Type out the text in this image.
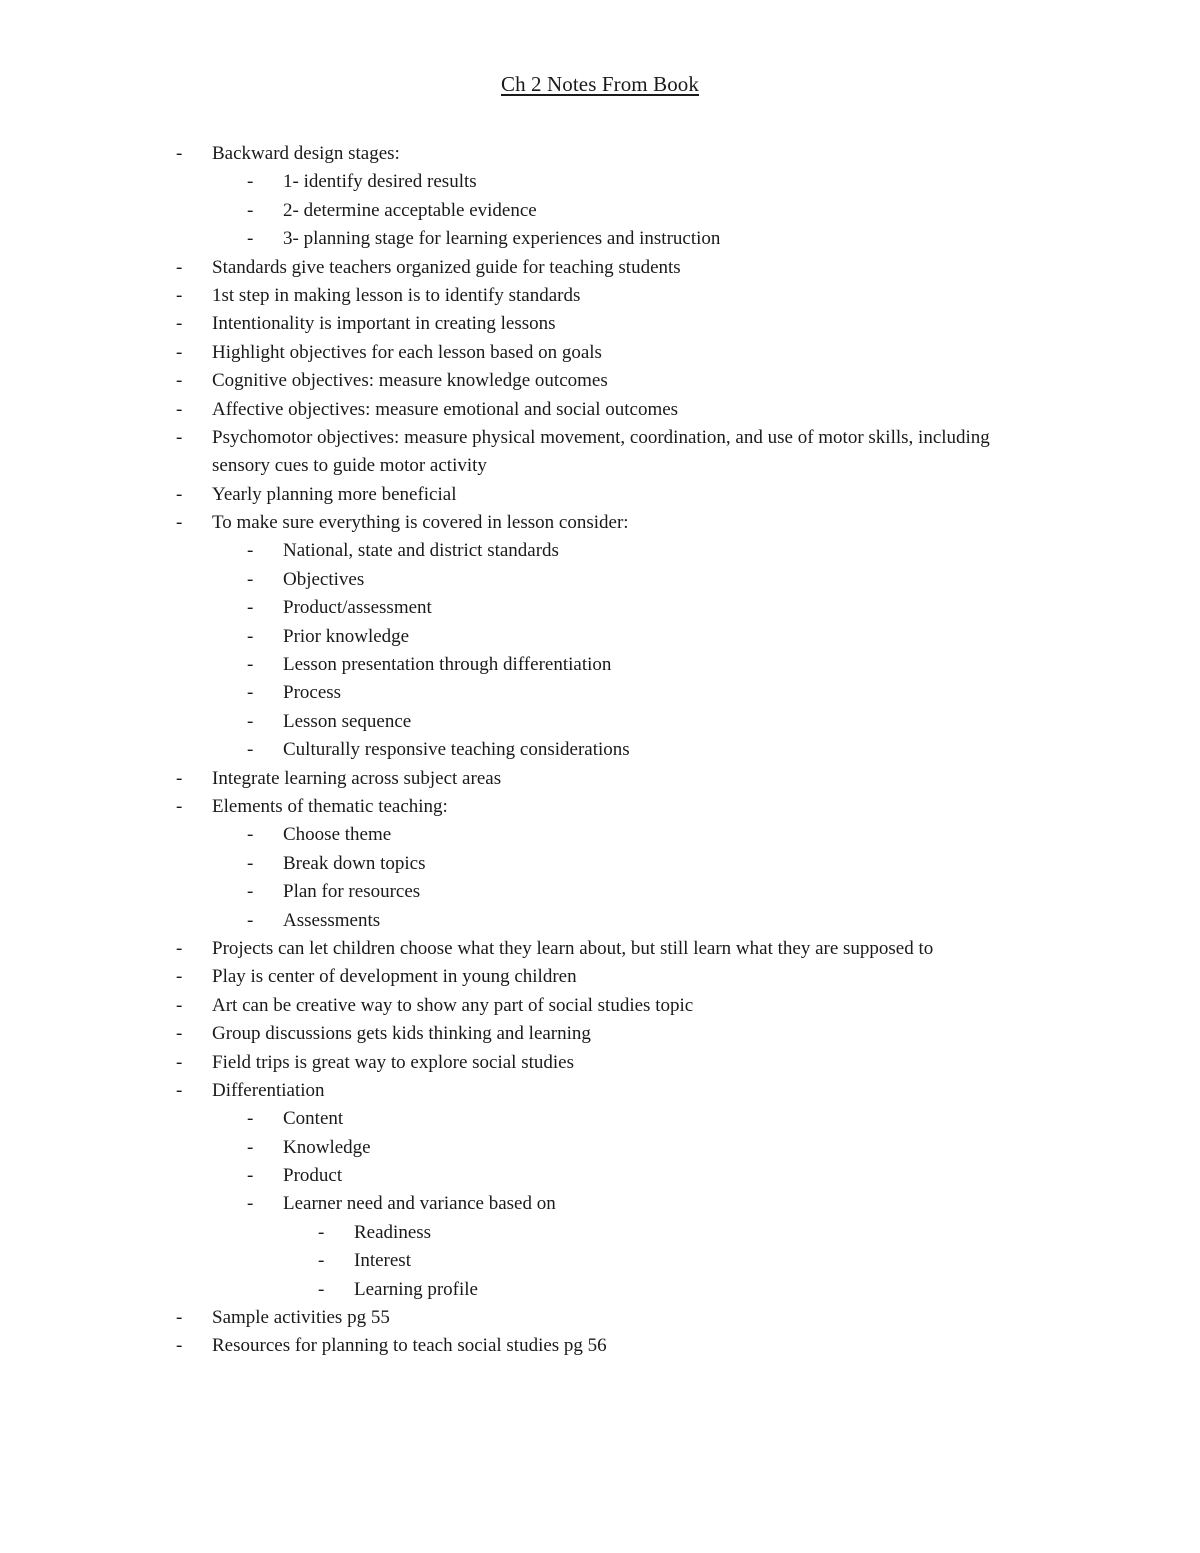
Ch 2 Notes From Book
- Backward design stages:
- 1- identify desired results
- 2- determine acceptable evidence
- 3- planning stage for learning experiences and instruction
- Standards give teachers organized guide for teaching students
- 1st step in making lesson is to identify standards
- Intentionality is important in creating lessons
- Highlight objectives for each lesson based on goals
- Cognitive objectives: measure knowledge outcomes
- Affective objectives: measure emotional and social outcomes
- Psychomotor objectives: measure physical movement, coordination, and use of motor skills, including sensory cues to guide motor activity
- Yearly planning more beneficial
- To make sure everything is covered in lesson consider:
- National, state and district standards
- Objectives
- Product/assessment
- Prior knowledge
- Lesson presentation through differentiation
- Process
- Lesson sequence
- Culturally responsive teaching considerations
- Integrate learning across subject areas
- Elements of thematic teaching:
- Choose theme
- Break down topics
- Plan for resources
- Assessments
- Projects can let children choose what they learn about, but still learn what they are supposed to
- Play is center of development in young children
- Art can be creative way to show any part of social studies topic
- Group discussions gets kids thinking and learning
- Field trips is great way to explore social studies
- Differentiation
- Content
- Knowledge
- Product
- Learner need and variance based on
- Readiness
- Interest
- Learning profile
- Sample activities pg 55
- Resources for planning to teach social studies pg 56
